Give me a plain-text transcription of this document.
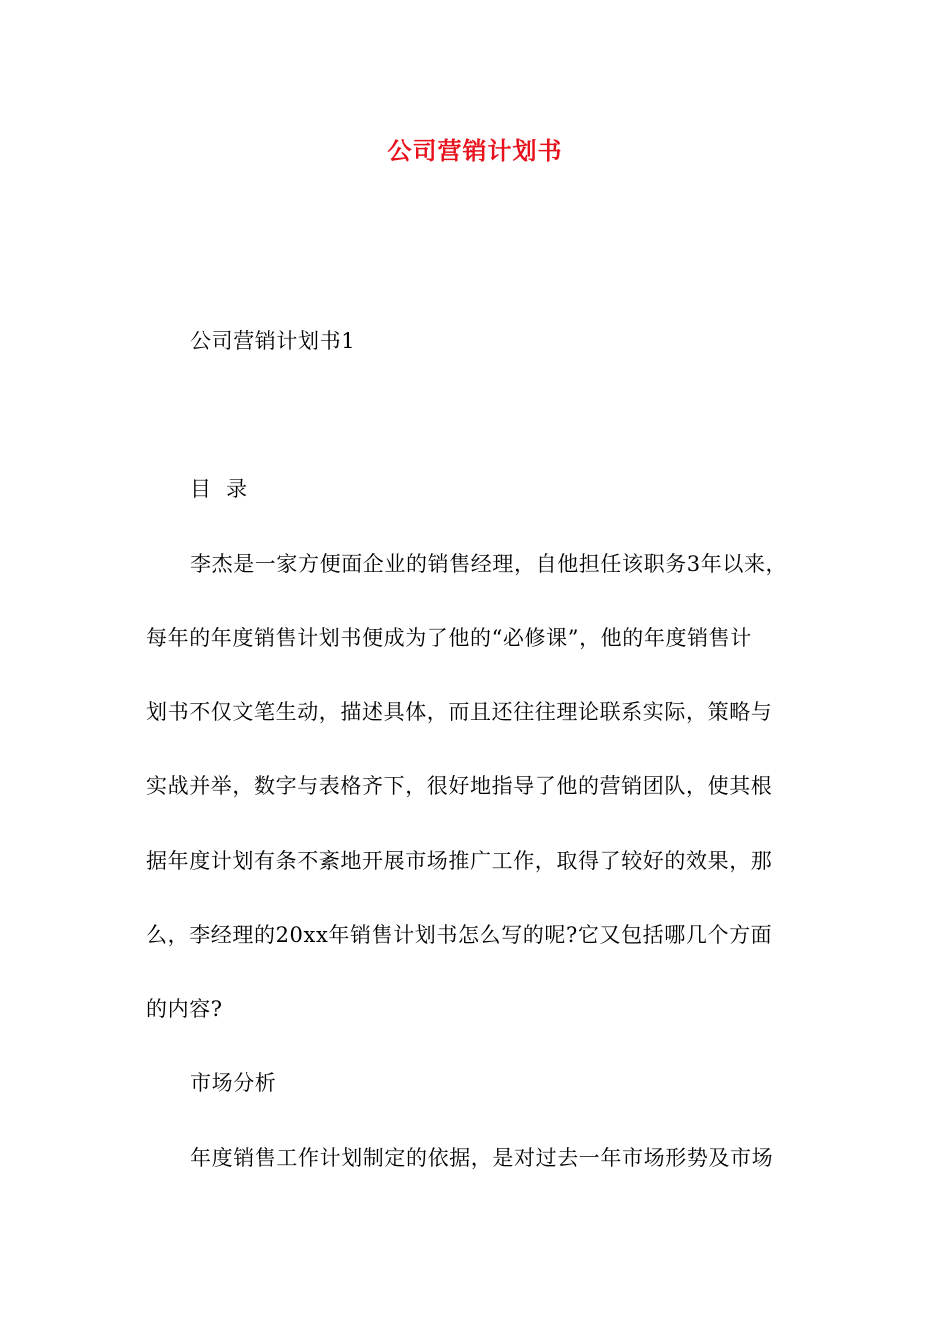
公司营销计划书
公司营销计划书1
目  录
李杰是一家方便面企业的销售经理，自他担任该职务3年以来，
每年的年度销售计划书便成为了他的“必修课”，他的年度销售计
划书不仅文笔生动，描述具体，而且还往往理论联系实际，策略与
实战并举，数字与表格齐下，很好地指导了他的营销团队，使其根
据年度计划有条不紊地开展市场推广工作，取得了较好的效果，那
么，李经理的20xx年销售计划书怎么写的呢?它又包括哪几个方面
的内容?
市场分析
年度销售工作计划制定的依据，是对过去一年市场形势及市场
